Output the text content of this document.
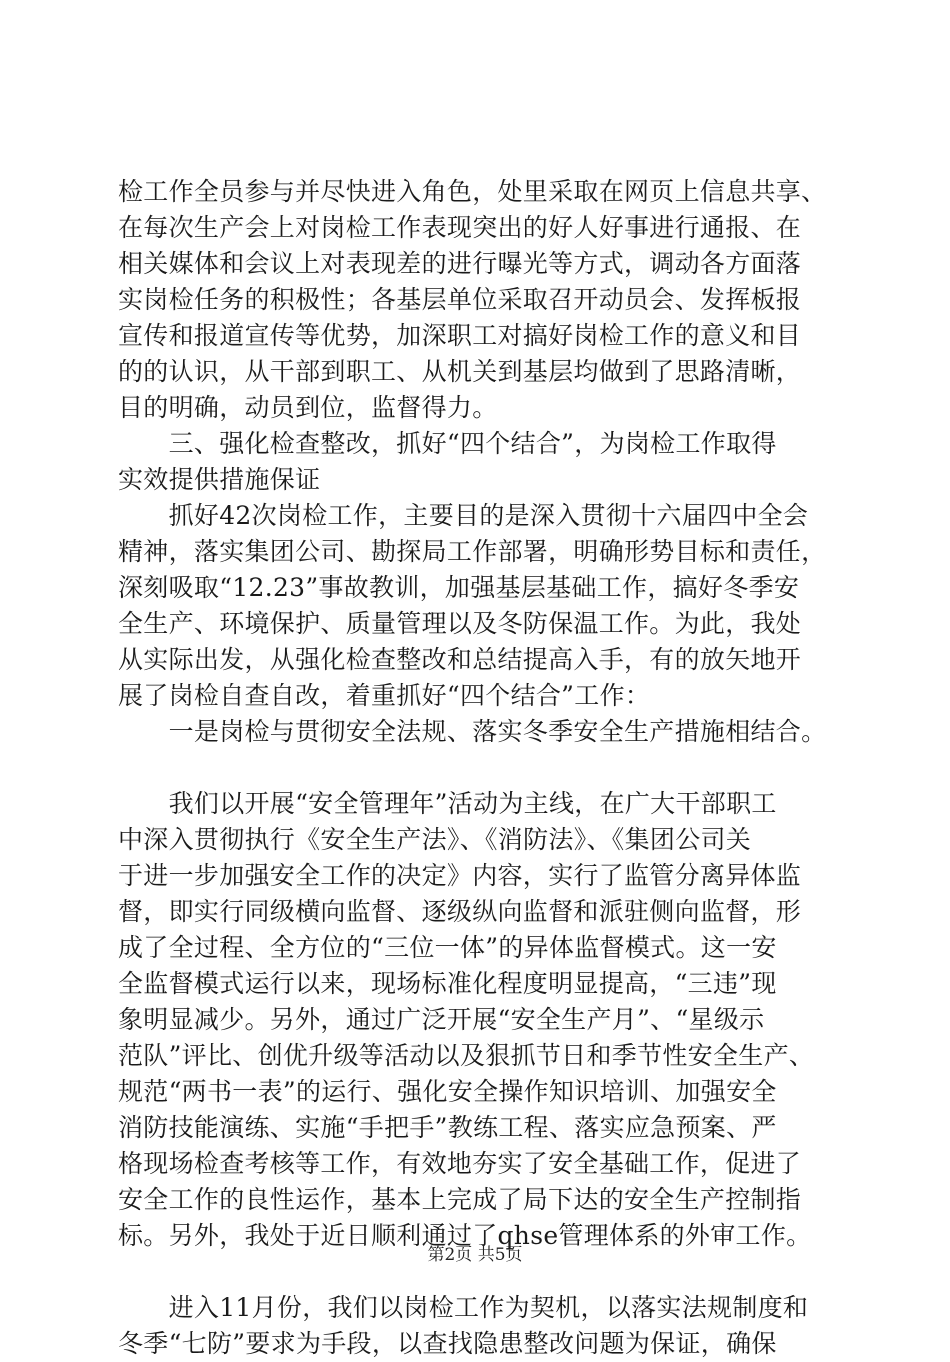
检工作全员参与并尽快进入角色，处里采取在网页上信息共享、
在每次生产会上对岗检工作表现突出的好人好事进行通报、在
相关媒体和会议上对表现差的进行曝光等方式，调动各方面落
实岗检任务的积极性；各基层单位采取召开动员会、发挥板报
宣传和报道宣传等优势，加深职工对搞好岗检工作的意义和目
的的认识，从干部到职工、从机关到基层均做到了思路清晰，
目的明确，动员到位，监督得力。
　　三、强化检查整改，抓好“四个结合”，为岗检工作取得
实效提供措施保证
　　抓好42次岗检工作，主要目的是深入贯彻十六届四中全会
精神，落实集团公司、勘探局工作部署，明确形势目标和责任，
深刻吸取“12.23”事故教训，加强基层基础工作，搞好冬季安
全生产、环境保护、质量管理以及冬防保温工作。为此，我处
从实际出发，从强化检查整改和总结提高入手，有的放矢地开
展了岗检自查自改，着重抓好“四个结合”工作：
　　一是岗检与贯彻安全法规、落实冬季安全生产措施相结合。
　　我们以开展“安全管理年”活动为主线，在广大干部职工
中深入贯彻执行《安全生产法》、《消防法》、《集团公司关
于进一步加强安全工作的决定》内容，实行了监管分离异体监
督，即实行同级横向监督、逐级纵向监督和派驻侧向监督，形
成了全过程、全方位的“三位一体”的异体监督模式。这一安
全监督模式运行以来，现场标准化程度明显提高，“三违”现
象明显减少。另外，通过广泛开展“安全生产月”、“星级示
范队”评比、创优升级等活动以及狠抓节日和季节性安全生产、
规范“两书一表”的运行、强化安全操作知识培训、加强安全
消防技能演练、实施“手把手”教练工程、落实应急预案、严
格现场检查考核等工作，有效地夯实了安全基础工作，促进了
安全工作的良性运作，基本上完成了局下达的安全生产控制指
标。另外，我处于近日顺利通过了qhse管理体系的外审工作。
　　进入11月份，我们以岗检工作为契机，以落实法规制度和
冬季“七防”要求为手段，以查找隐患整改问题为保证，确保
第2页 共5页
